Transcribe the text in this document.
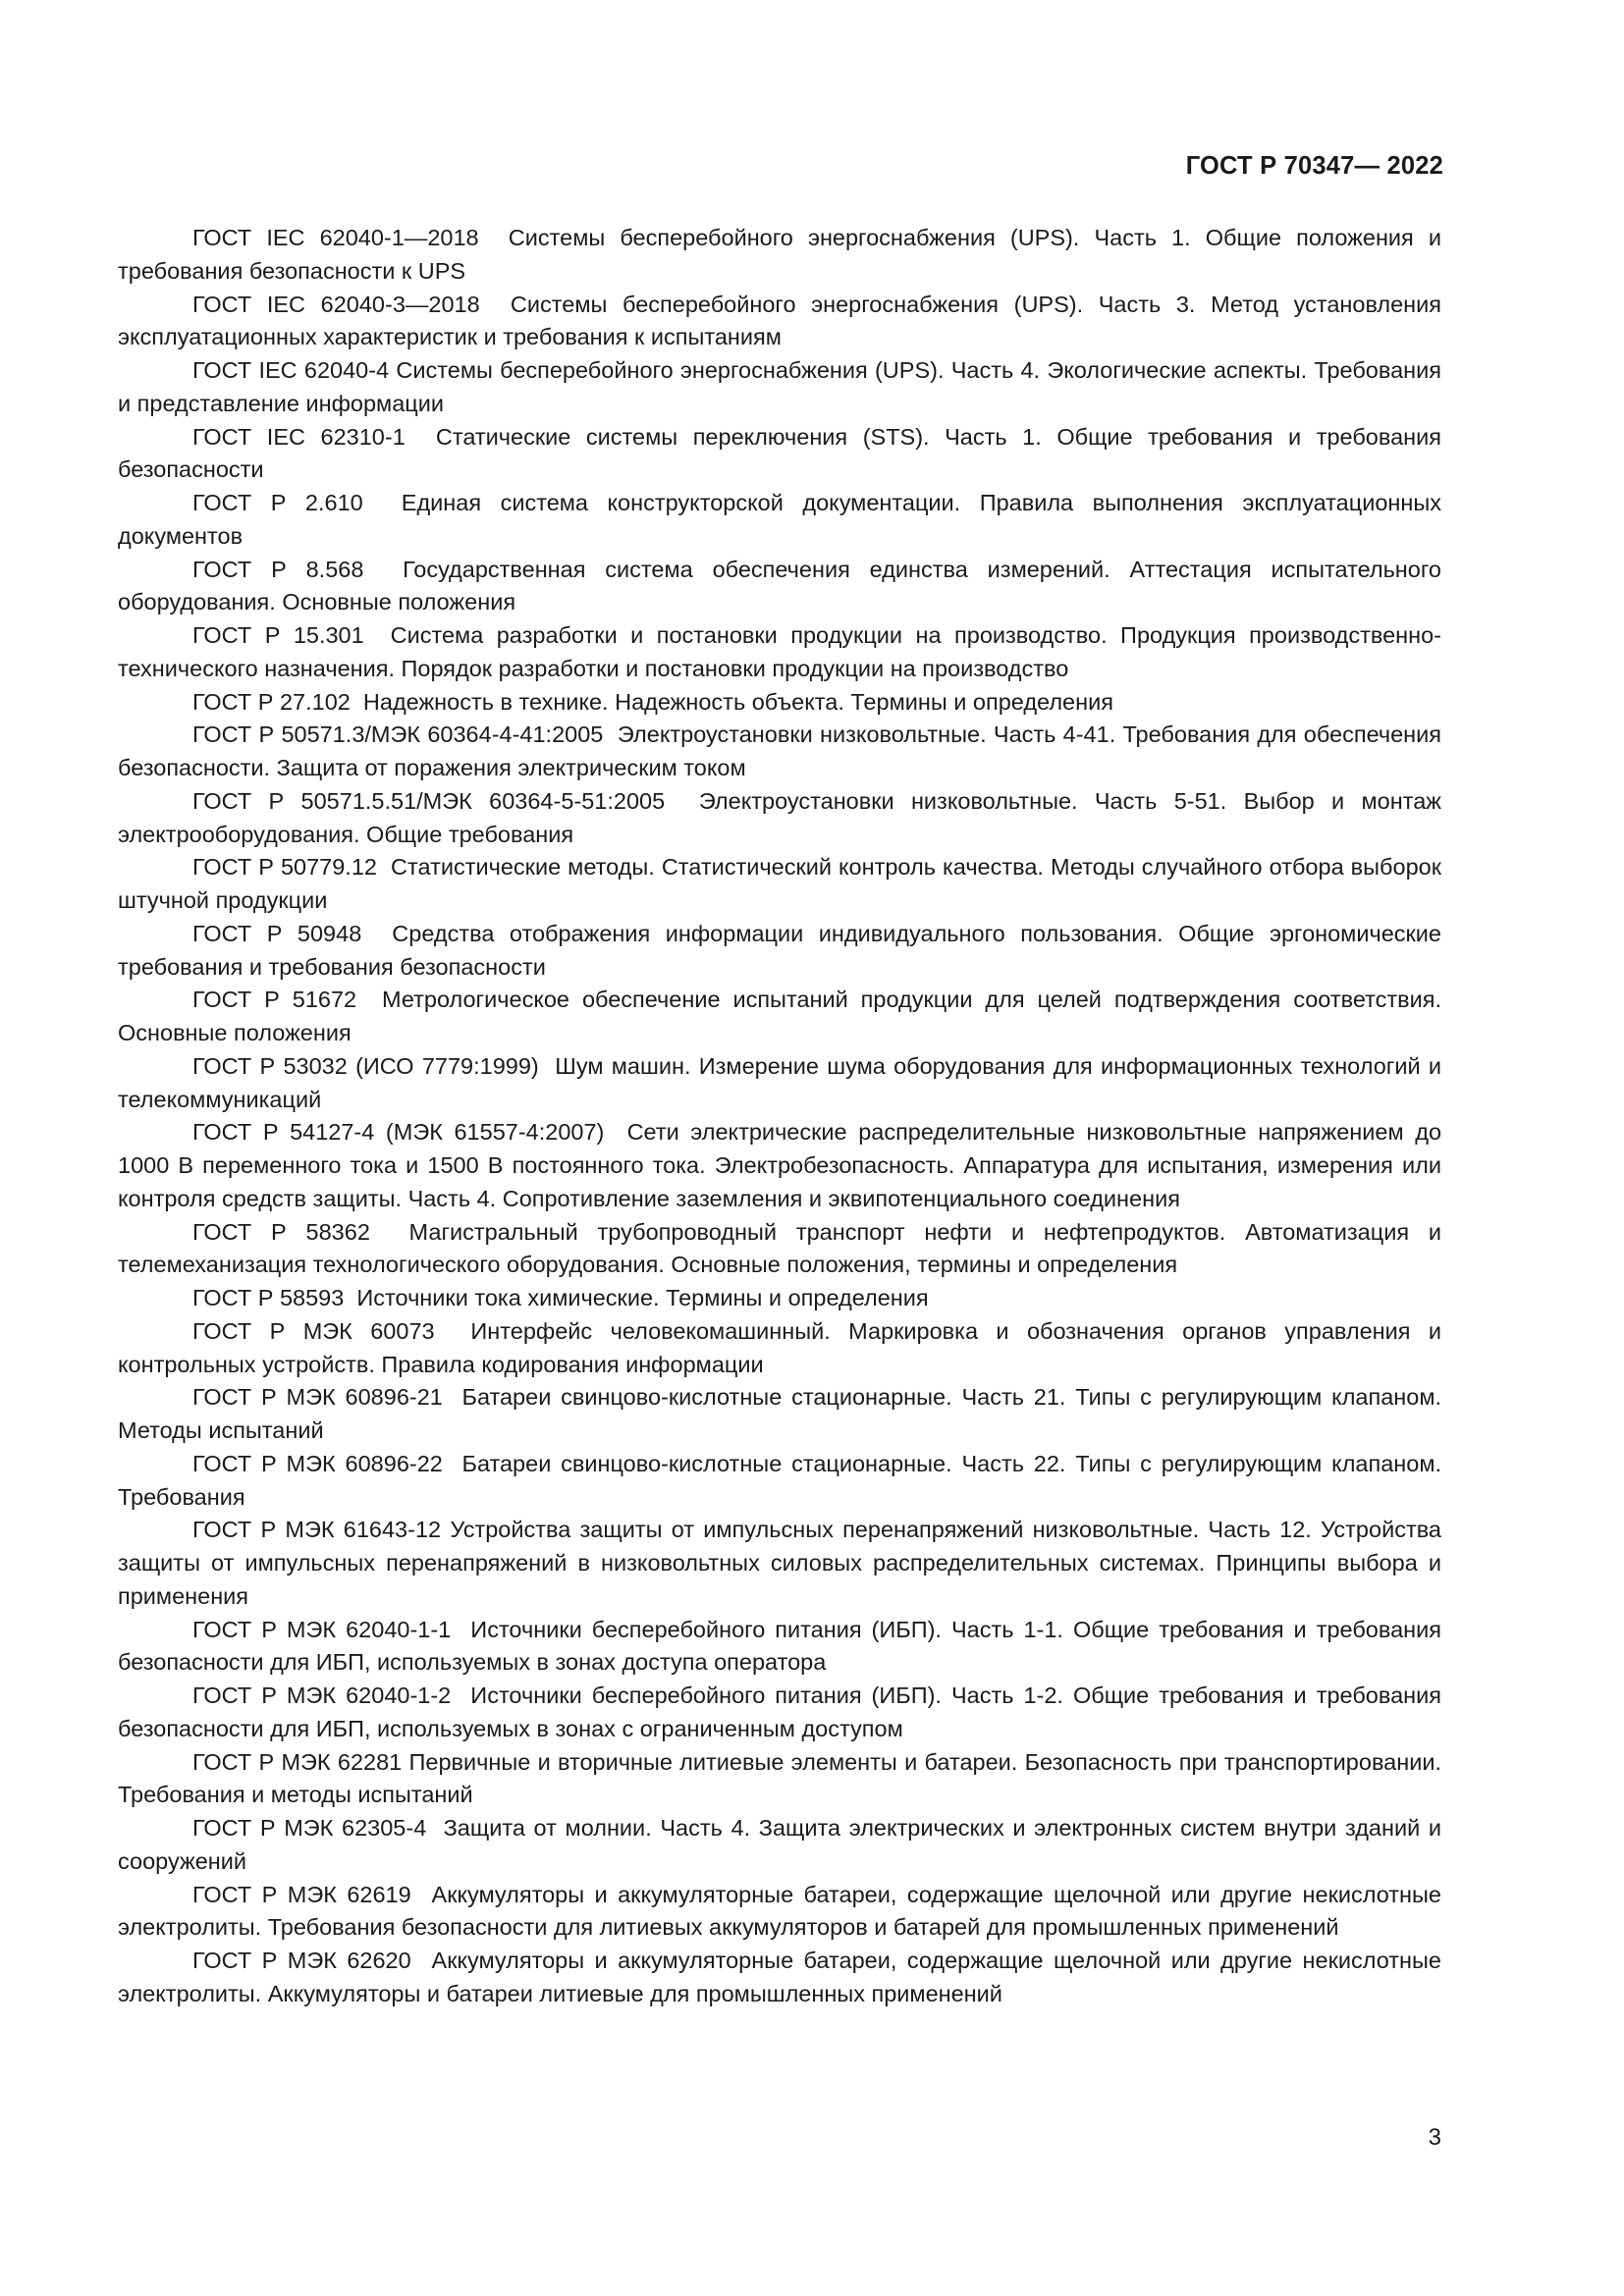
ГОСТ Р 70347— 2022

ГОСТ IEC 62040-1—2018 Системы бесперебойного энергоснабжения (UPS). Часть 1. Общие положения и требования безопасности к UPS

ГОСТ IEC 62040-3—2018 Системы бесперебойного энергоснабжения (UPS). Часть 3. Метод установления эксплуатационных характеристик и требования к испытаниям

ГОСТ IEC 62040-4 Системы бесперебойного энергоснабжения (UPS). Часть 4. Экологические аспекты. Требования и представление информации

ГОСТ IEC 62310-1 Статические системы переключения (STS). Часть 1. Общие требования и требования безопасности

ГОСТ Р 2.610 Единая система конструкторской документации. Правила выполнения эксплуатационных документов

ГОСТ Р 8.568 Государственная система обеспечения единства измерений. Аттестация испытательного оборудования. Основные положения

ГОСТ Р 15.301 Система разработки и постановки продукции на производство. Продукция производственно-технического назначения. Порядок разработки и постановки продукции на производство

ГОСТ Р 27.102 Надежность в технике. Надежность объекта. Термины и определения

ГОСТ Р 50571.3/МЭК 60364-4-41:2005 Электроустановки низковольтные. Часть 4-41. Требования для обеспечения безопасности. Защита от поражения электрическим током

ГОСТ Р 50571.5.51/МЭК 60364-5-51:2005 Электроустановки низковольтные. Часть 5-51. Выбор и монтаж электрооборудования. Общие требования

ГОСТ Р 50779.12 Статистические методы. Статистический контроль качества. Методы случайного отбора выборок штучной продукции

ГОСТ Р 50948 Средства отображения информации индивидуального пользования. Общие эргономические требования и требования безопасности

ГОСТ Р 51672 Метрологическое обеспечение испытаний продукции для целей подтверждения соответствия. Основные положения

ГОСТ Р 53032 (ИСО 7779:1999) Шум машин. Измерение шума оборудования для информационных технологий и телекоммуникаций

ГОСТ Р 54127-4 (МЭК 61557-4:2007) Сети электрические распределительные низковольтные напряжением до 1000 В переменного тока и 1500 В постоянного тока. Электробезопасность. Аппаратура для испытания, измерения или контроля средств защиты. Часть 4. Сопротивление заземления и эквипотенциального соединения

ГОСТ Р 58362 Магистральный трубопроводный транспорт нефти и нефтепродуктов. Автоматизация и телемеханизация технологического оборудования. Основные положения, термины и определения

ГОСТ Р 58593 Источники тока химические. Термины и определения

ГОСТ Р МЭК 60073 Интерфейс человекомашинный. Маркировка и обозначения органов управления и контрольных устройств. Правила кодирования информации

ГОСТ Р МЭК 60896-21 Батареи свинцово-кислотные стационарные. Часть 21. Типы с регулирующим клапаном. Методы испытаний

ГОСТ Р МЭК 60896-22 Батареи свинцово-кислотные стационарные. Часть 22. Типы с регулирующим клапаном. Требования

ГОСТ Р МЭК 61643-12 Устройства защиты от импульсных перенапряжений низковольтные. Часть 12. Устройства защиты от импульсных перенапряжений в низковольтных силовых распределительных системах. Принципы выбора и применения

ГОСТ Р МЭК 62040-1-1 Источники бесперебойного питания (ИБП). Часть 1-1. Общие требования и требования безопасности для ИБП, используемых в зонах доступа оператора

ГОСТ Р МЭК 62040-1-2 Источники бесперебойного питания (ИБП). Часть 1-2. Общие требования и требования безопасности для ИБП, используемых в зонах с ограниченным доступом

ГОСТ Р МЭК 62281 Первичные и вторичные литиевые элементы и батареи. Безопасность при транспортировании. Требования и методы испытаний

ГОСТ Р МЭК 62305-4 Защита от молнии. Часть 4. Защита электрических и электронных систем внутри зданий и сооружений

ГОСТ Р МЭК 62619 Аккумуляторы и аккумуляторные батареи, содержащие щелочной или другие некислотные электролиты. Требования безопасности для литиевых аккумуляторов и батарей для промышленных применений

ГОСТ Р МЭК 62620 Аккумуляторы и аккумуляторные батареи, содержащие щелочной или другие некислотные электролиты. Аккумуляторы и батареи литиевые для промышленных применений

3
